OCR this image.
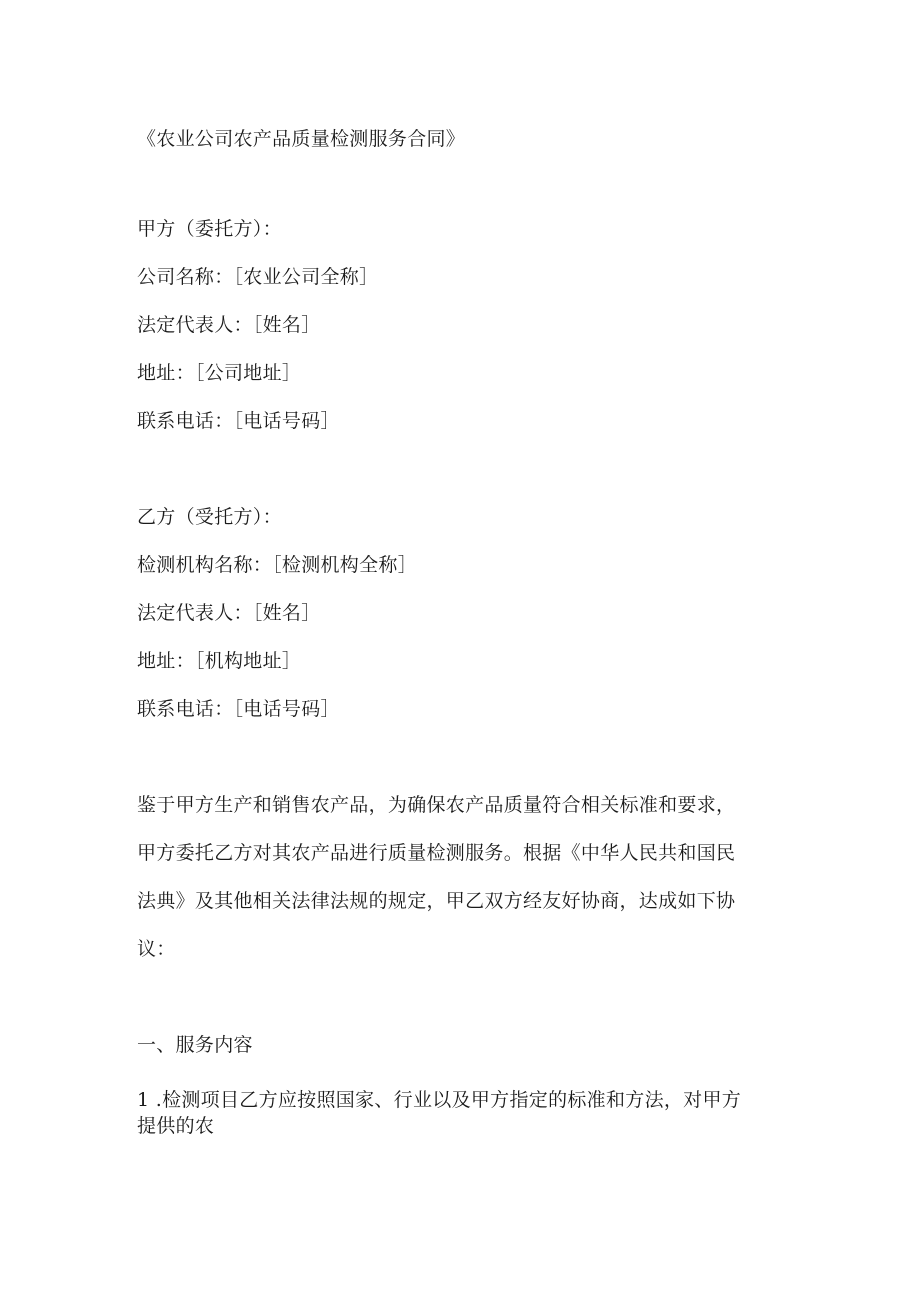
《农业公司农产品质量检测服务合同》
甲方（委托方）：
公司名称：［农业公司全称］
法定代表人：［姓名］
地址：［公司地址］
联系电话：［电话号码］
乙方（受托方）：
检测机构名称：［检测机构全称］
法定代表人：［姓名］
地址：［机构地址］
联系电话：［电话号码］
鉴于甲方生产和销售农产品，为确保农产品质量符合相关标准和要求，
甲方委托乙方对其农产品进行质量检测服务。根据《中华人民共和国民
法典》及其他相关法律法规的规定，甲乙双方经友好协商，达成如下协
议：
一、服务内容
1 .检测项目乙方应按照国家、行业以及甲方指定的标准和方法，对甲方
提供的农
